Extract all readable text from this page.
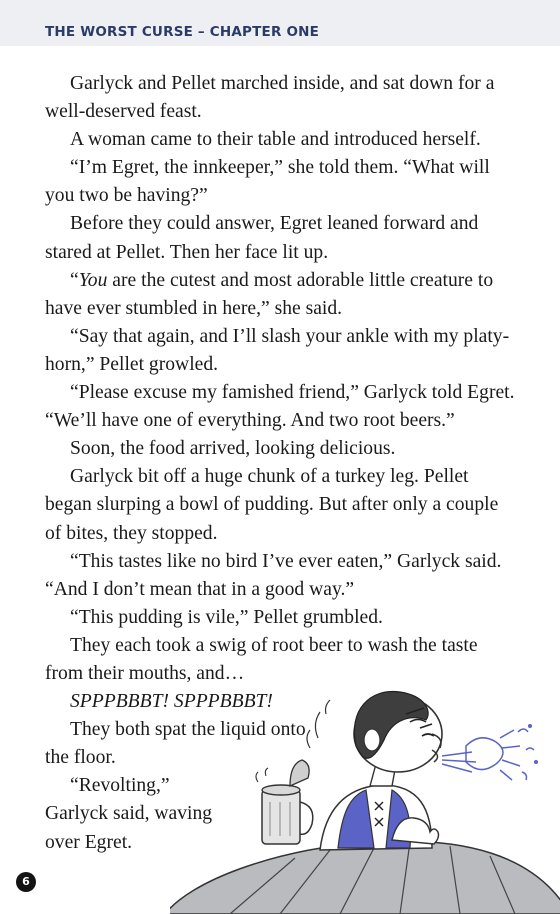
THE WORST CURSE – CHAPTER ONE

Garlyck and Pellet marched inside, and sat down for a well-deserved feast.

A woman came to their table and introduced herself.

“I’m Egret, the innkeeper,” she told them. “What will you two be having?”

Before they could answer, Egret leaned forward and stared at Pellet. Then her face lit up.

“You are the cutest and most adorable little creature to have ever stumbled in here,” she said.

“Say that again, and I’ll slash your ankle with my platy-horn,” Pellet growled.

“Please excuse my famished friend,” Garlyck told Egret. “We’ll have one of everything. And two root beers.”

Soon, the food arrived, looking delicious.

Garlyck bit off a huge chunk of a turkey leg. Pellet began slurping a bowl of pudding. But after only a couple of bites, they stopped.

“This tastes like no bird I’ve ever eaten,” Garlyck said. “And I don’t mean that in a good way.”

“This pudding is vile,” Pellet grumbled.

They each took a swig of root beer to wash the taste from their mouths, and…

SPPPBBBT! SPPPBBBT!

They both spat the liquid onto the floor.

“Revolting,” Garlyck said, waving over Egret.

6
